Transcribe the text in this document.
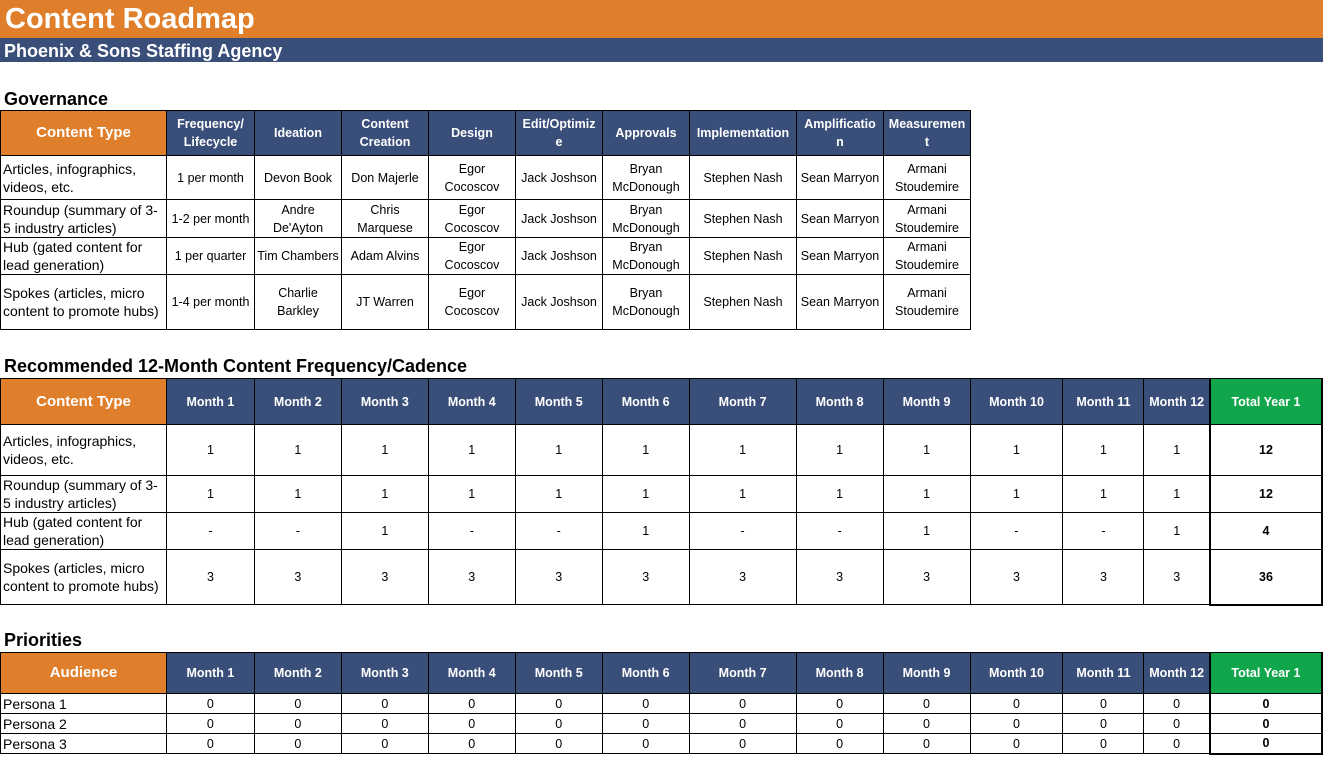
Content Roadmap
Phoenix & Sons Staffing Agency
Governance
Content Type	Frequency/ Lifecycle	Ideation	Content Creation	Design	Edit/Optimiz e	Approvals	Implementation	Amplificatio n	Measuremen t
Articles, infographics, videos, etc.	1 per month	Devon Book	Don Majerle	Egor Cocoscov	Jack Joshson	Bryan McDonough	Stephen Nash	Sean Marryon	Armani Stoudemire
Roundup (summary of 3-5 industry articles)	1-2 per month	Andre De'Ayton	Chris Marquese	Egor Cocoscov	Jack Joshson	Bryan McDonough	Stephen Nash	Sean Marryon	Armani Stoudemire
Hub (gated content for lead generation)	1 per quarter	Tim Chambers	Adam Alvins	Egor Cocoscov	Jack Joshson	Bryan McDonough	Stephen Nash	Sean Marryon	Armani Stoudemire
Spokes (articles, micro content to promote hubs)	1-4 per month	Charlie Barkley	JT Warren	Egor Cocoscov	Jack Joshson	Bryan McDonough	Stephen Nash	Sean Marryon	Armani Stoudemire
Recommended 12-Month Content Frequency/Cadence
Content Type	Month 1	Month 2	Month 3	Month 4	Month 5	Month 6	Month 7	Month 8	Month 9	Month 10	Month 11	Month 12	Total Year 1
Articles, infographics, videos, etc.	1	1	1	1	1	1	1	1	1	1	1	1	12
Roundup (summary of 3-5 industry articles)	1	1	1	1	1	1	1	1	1	1	1	1	12
Hub (gated content for lead generation)	-	-	1	-	-	1	-	-	1	-	-	1	4
Spokes (articles, micro content to promote hubs)	3	3	3	3	3	3	3	3	3	3	3	3	36
Priorities
Audience	Month 1	Month 2	Month 3	Month 4	Month 5	Month 6	Month 7	Month 8	Month 9	Month 10	Month 11	Month 12	Total Year 1
Persona 1	0	0	0	0	0	0	0	0	0	0	0	0	0
Persona 2	0	0	0	0	0	0	0	0	0	0	0	0	0
Persona 3	0	0	0	0	0	0	0	0	0	0	0	0	0
